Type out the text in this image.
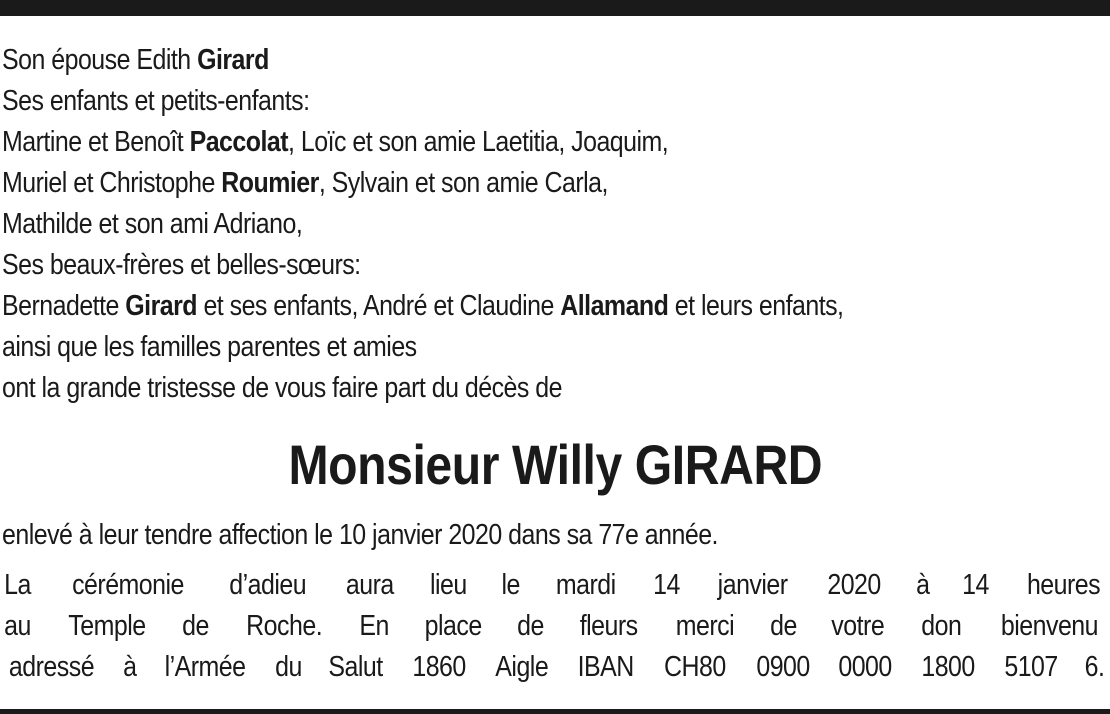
Son épouse Edith Girard
Ses enfants et petits-enfants:
Martine et Benoît Paccolat, Loïc et son amie Laetitia, Joaquim,
Muriel et Christophe Roumier, Sylvain et son amie Carla,
Mathilde et son ami Adriano,
Ses beaux-frères et belles-sœurs:
Bernadette Girard et ses enfants, André et Claudine Allamand et leurs enfants,
ainsi que les familles parentes et amies
ont la grande tristesse de vous faire part du décès de
Monsieur Willy GIRARD
enlevé à leur tendre affection le 10 janvier 2020 dans sa 77e année.
La cérémonie d’adieu aura lieu le mardi 14 janvier 2020 à 14 heures
au Temple de Roche. En place de fleurs merci de votre don bienvenu
adressé à l’Armée du Salut 1860 Aigle IBAN CH80 0900 0000 1800 5107 6.
